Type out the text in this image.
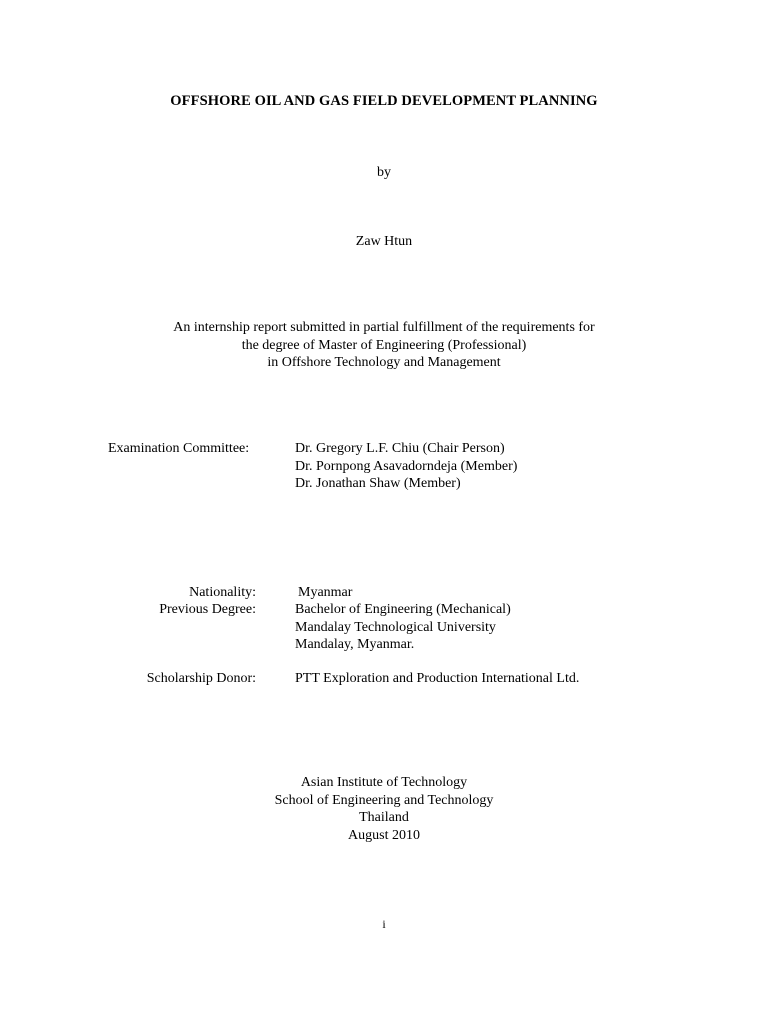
OFFSHORE OIL AND GAS FIELD DEVELOPMENT PLANNING
by
Zaw Htun
An internship report submitted in partial fulfillment of the requirements for
the degree of Master of Engineering (Professional)
in Offshore Technology and Management
Examination Committee:	Dr. Gregory L.F. Chiu (Chair Person)
Dr. Pornpong Asavadorndeja (Member)
Dr. Jonathan Shaw (Member)
Nationality:	Myanmar
Previous Degree:	Bachelor of Engineering (Mechanical)
Mandalay Technological University
Mandalay, Myanmar.
Scholarship Donor:	PTT Exploration and Production International Ltd.
Asian Institute of Technology
School of Engineering and Technology
Thailand
August 2010
i
